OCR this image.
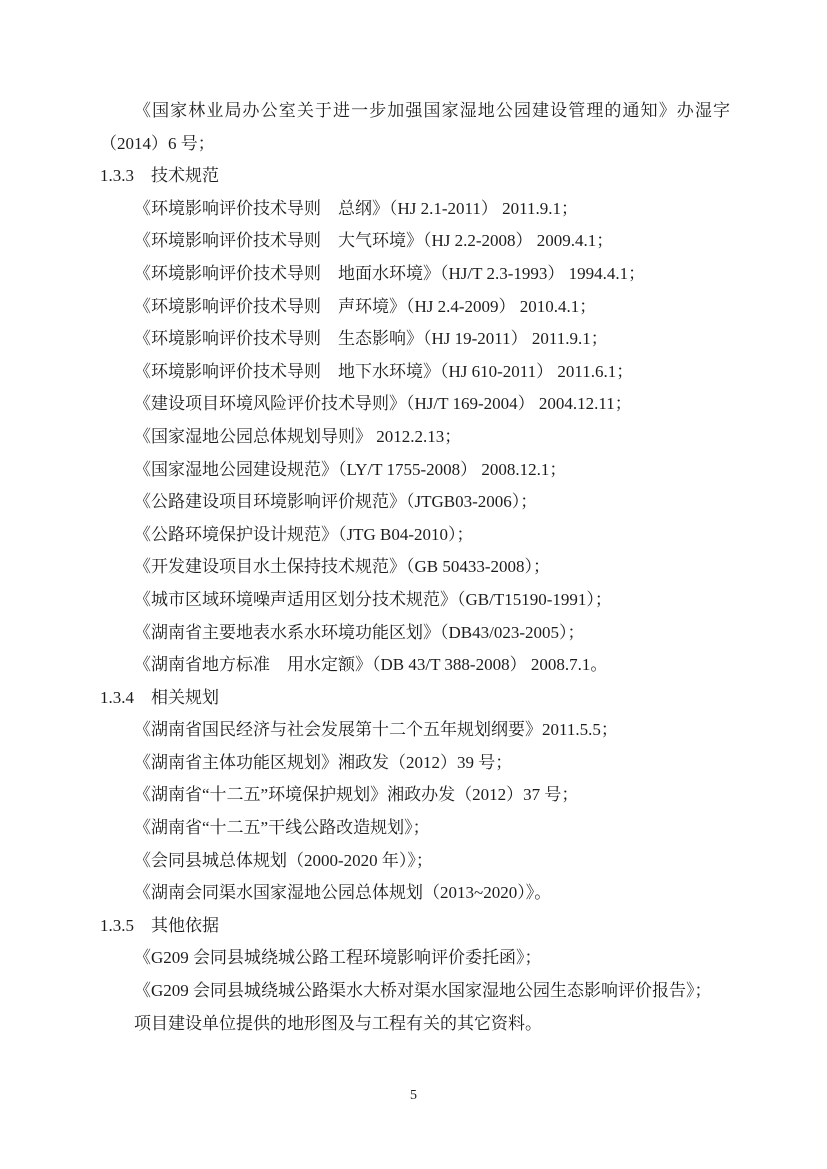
《国家林业局办公室关于进一步加强国家湿地公园建设管理的通知》办湿字
（2014）6 号；
1.3.3 技术规范
《环境影响评价技术导则　总纲》（HJ 2.1-2011） 2011.9.1；
《环境影响评价技术导则　大气环境》（HJ 2.2-2008） 2009.4.1；
《环境影响评价技术导则　地面水环境》（HJ/T 2.3-1993） 1994.4.1；
《环境影响评价技术导则　声环境》（HJ 2.4-2009） 2010.4.1；
《环境影响评价技术导则　生态影响》（HJ 19-2011） 2011.9.1；
《环境影响评价技术导则　地下水环境》（HJ 610-2011） 2011.6.1；
《建设项目环境风险评价技术导则》（HJ/T 169-2004） 2004.12.11；
《国家湿地公园总体规划导则》 2012.2.13；
《国家湿地公园建设规范》（LY/T 1755-2008） 2008.12.1；
《公路建设项目环境影响评价规范》（JTGB03-2006）；
《公路环境保护设计规范》（JTG B04-2010）；
《开发建设项目水土保持技术规范》（GB 50433-2008）；
《城市区域环境噪声适用区划分技术规范》（GB/T15190-1991）；
《湖南省主要地表水系水环境功能区划》（DB43/023-2005）；
《湖南省地方标准　用水定额》（DB 43/T 388-2008） 2008.7.1。
1.3.4 相关规划
《湖南省国民经济与社会发展第十二个五年规划纲要》2011.5.5；
《湖南省主体功能区规划》湘政发（2012）39 号；
《湖南省“十二五”环境保护规划》湘政办发（2012）37 号；
《湖南省“十二五”干线公路改造规划》；
《会同县城总体规划（2000-2020 年）》；
《湖南会同渠水国家湿地公园总体规划（2013~2020）》。
1.3.5 其他依据
《G209 会同县城绕城公路工程环境影响评价委托函》；
《G209 会同县城绕城公路渠水大桥对渠水国家湿地公园生态影响评价报告》；
项目建设单位提供的地形图及与工程有关的其它资料。
5
